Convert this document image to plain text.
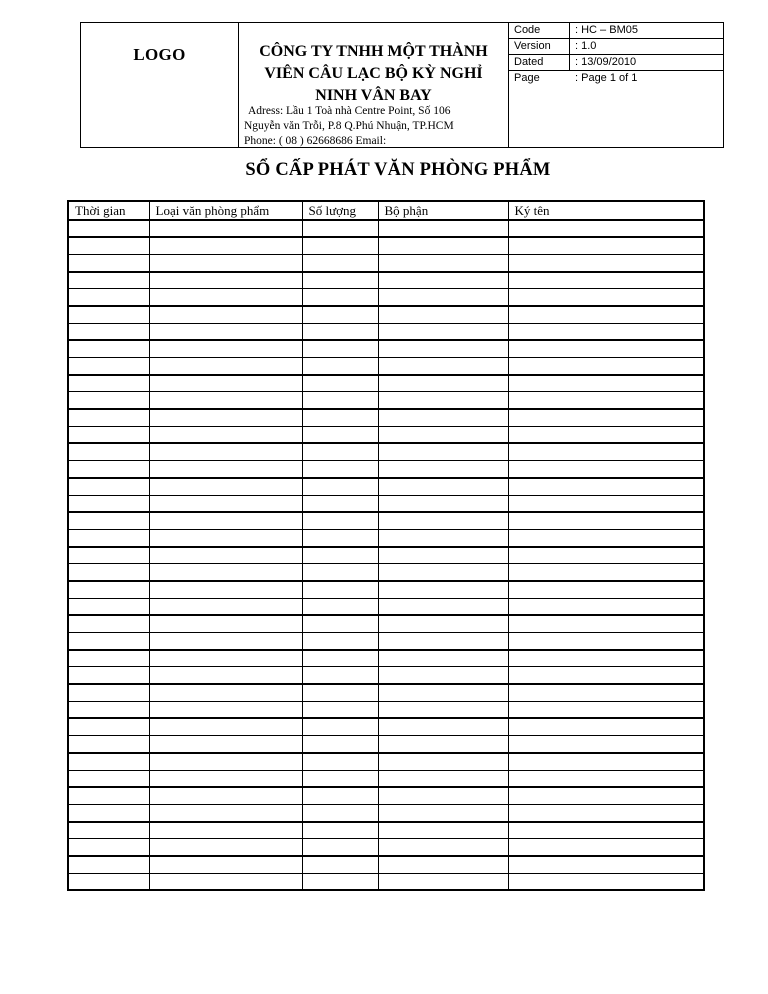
LOGO	CÔNG TY TNHH MỘT THÀNH
VIÊN CÂU LẠC BỘ KỲ NGHỈ
NINH VÂN BAY
Adress: Lầu 1 Toà nhà Centre Point, Số 106
Nguyễn văn Trỗi, P.8 Q.Phú Nhuận, TP.HCM
Phone: ( 08 ) 62668686 Email:
Code	: HC – BM05
Version : 1.0
Dated	: 13/09/2010
Page	: Page 1 of 1
SỔ CẤP PHÁT VĂN PHÒNG PHẨM
Thời gian	Loại văn phòng phẩm	Số lượng	Bộ phận	Ký tên
